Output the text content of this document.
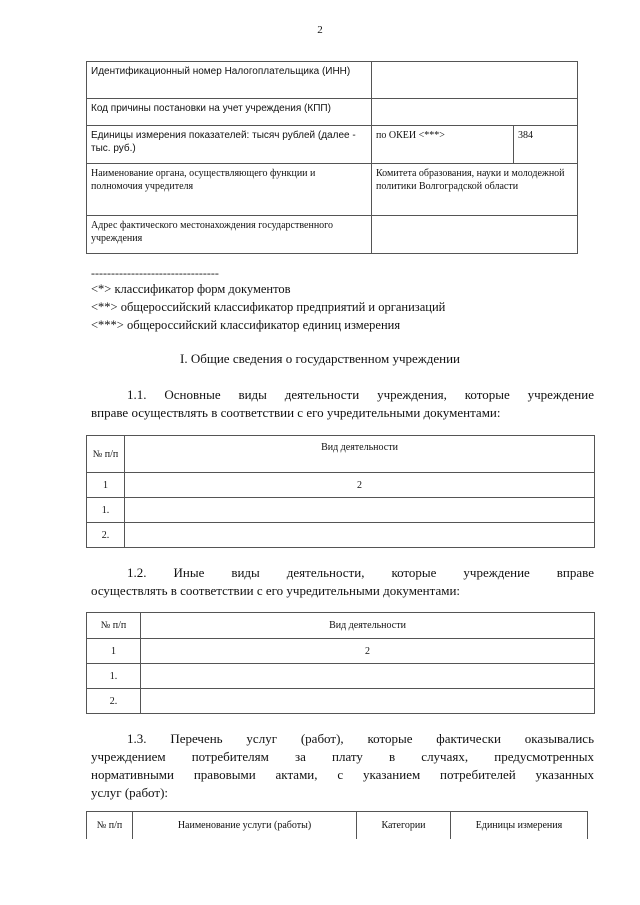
2
Идентификационный номер Налогоплательщика (ИНН)		
Код причины постановки на учет учреждения (КПП)		
Единицы измерения показателей: тысяч рублей (далее - тыс. руб.)	по ОКЕИ <***>	384
Наименование органа, осуществляющего функции и полномочия учредителя	Комитета образования, науки и молодежной политики Волгоградской области	
Адрес фактического местонахождения государственного учреждения		
--------------------------------
<*> классификатор форм документов
<**> общероссийский классификатор предприятий и организаций
<***> общероссийский классификатор единиц измерения
I. Общие сведения о государственном учреждении
1.1. Основные виды деятельности учреждения, которые учреждение
вправе осуществлять в соответствии с его учредительными документами:
№ п/п	Вид деятельности
1	2
1.	
2.	
1.2. Иные виды деятельности, которые учреждение вправе
осуществлять в соответствии с его учредительными документами:
№ п/п	Вид деятельности
1	2
1.	
2.	
1.3. Перечень услуг (работ), которые фактически оказывались
учреждением потребителям за плату в случаях, предусмотренных
нормативными правовыми актами, с указанием потребителей указанных
услуг (работ):
№ п/п	Наименование услуги (работы)	Категории	Единицы измерения
